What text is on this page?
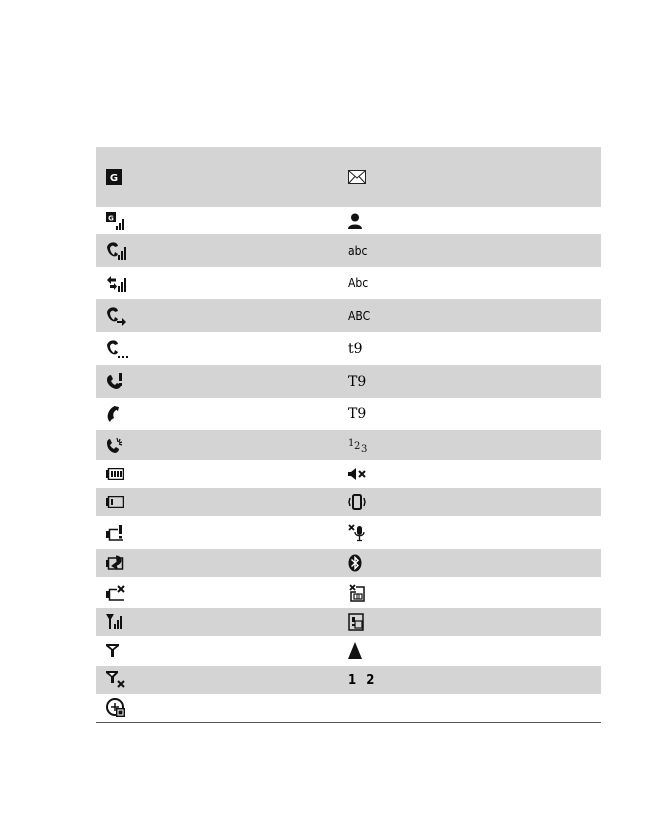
G
G
abc
Abc
ABC
t9
T9
T9
1 2 3
1 2
